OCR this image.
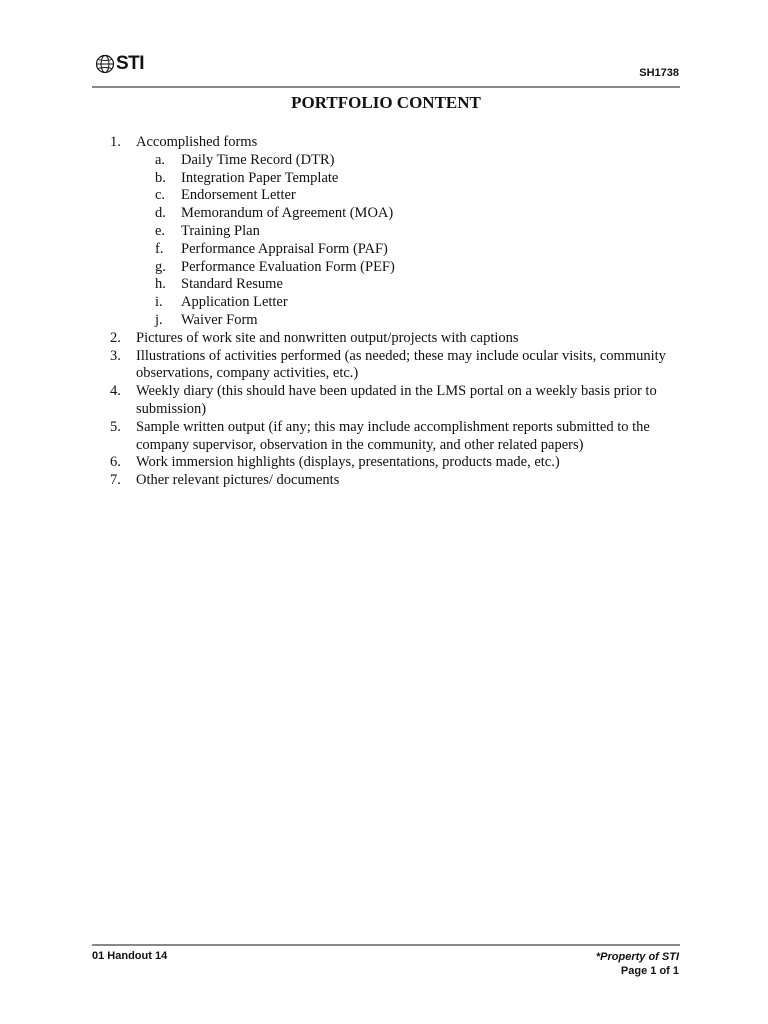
STI	SH1738
PORTFOLIO CONTENT
1.	Accomplished forms
a.	Daily Time Record (DTR)
b.	Integration Paper Template
c.	Endorsement Letter
d.	Memorandum of Agreement (MOA)
e.	Training Plan
f.	Performance Appraisal Form (PAF)
g.	Performance Evaluation Form (PEF)
h.	Standard Resume
i.	Application Letter
j.	Waiver Form
2.	Pictures of work site and nonwritten output/projects with captions
3.	Illustrations of activities performed (as needed; these may include ocular visits, community observations, company activities, etc.)
4.	Weekly diary (this should have been updated in the LMS portal on a weekly basis prior to submission)
5.	Sample written output (if any; this may include accomplishment reports submitted to the company supervisor, observation in the community, and other related papers)
6.	Work immersion highlights (displays, presentations, products made, etc.)
7.	Other relevant pictures/ documents
01 Handout 14	*Property of STI
Page 1 of 1
